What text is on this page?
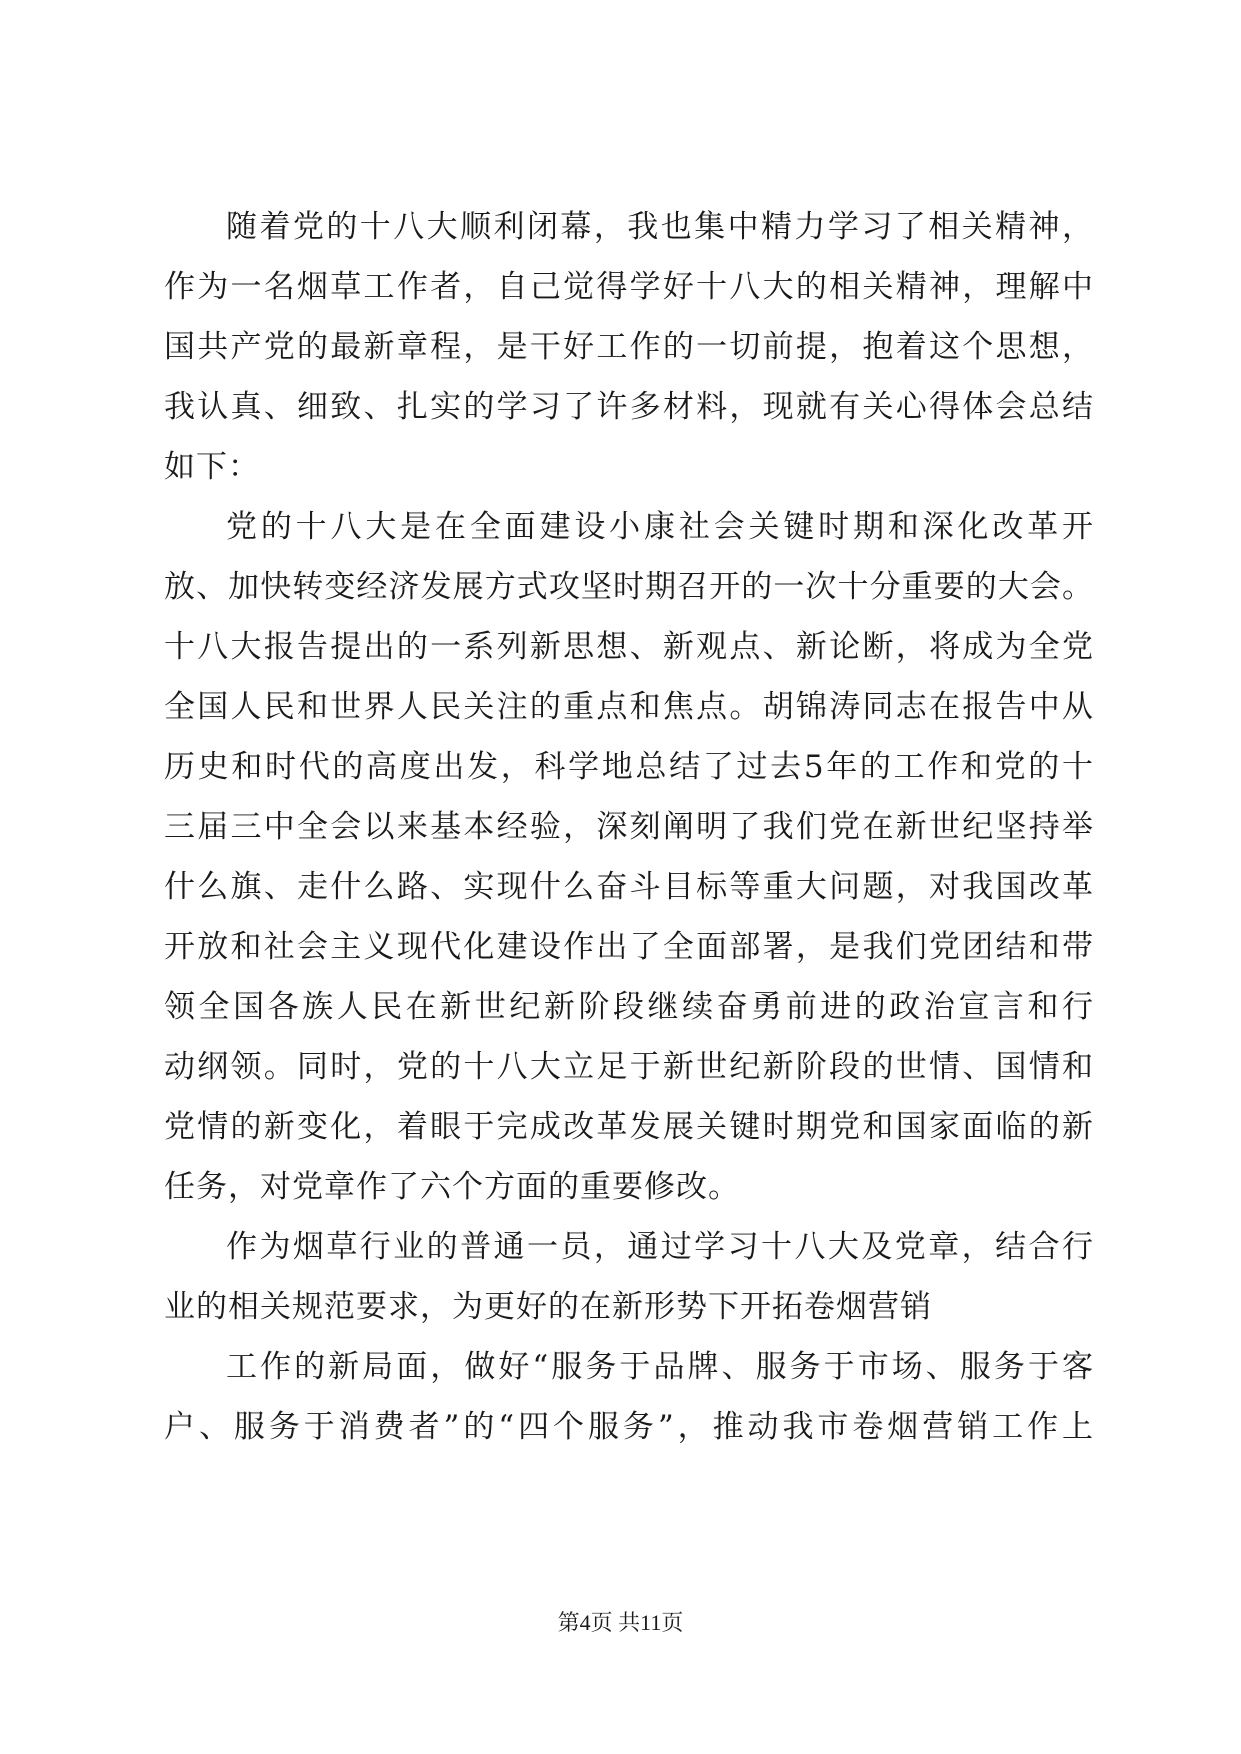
随着党的十八大顺利闭幕，我也集中精力学习了相关精神，
作为一名烟草工作者，自己觉得学好十八大的相关精神，理解中
国共产党的最新章程，是干好工作的一切前提，抱着这个思想，
我认真、细致、扎实的学习了许多材料，现就有关心得体会总结
如下：
党的十八大是在全面建设小康社会关键时期和深化改革开
放、加快转变经济发展方式攻坚时期召开的一次十分重要的大会。
十八大报告提出的一系列新思想、新观点、新论断，将成为全党
全国人民和世界人民关注的重点和焦点。胡锦涛同志在报告中从
历史和时代的高度出发，科学地总结了过去5年的工作和党的十
三届三中全会以来基本经验，深刻阐明了我们党在新世纪坚持举
什么旗、走什么路、实现什么奋斗目标等重大问题，对我国改革
开放和社会主义现代化建设作出了全面部署，是我们党团结和带
领全国各族人民在新世纪新阶段继续奋勇前进的政治宣言和行
动纲领。同时，党的十八大立足于新世纪新阶段的世情、国情和
党情的新变化，着眼于完成改革发展关键时期党和国家面临的新
任务，对党章作了六个方面的重要修改。
作为烟草行业的普通一员，通过学习十八大及党章，结合行
业的相关规范要求，为更好的在新形势下开拓卷烟营销
工作的新局面，做好“服务于品牌、服务于市场、服务于客
户、服务于消费者”的“四个服务”，推动我市卷烟营销工作上
第4页 共11页
